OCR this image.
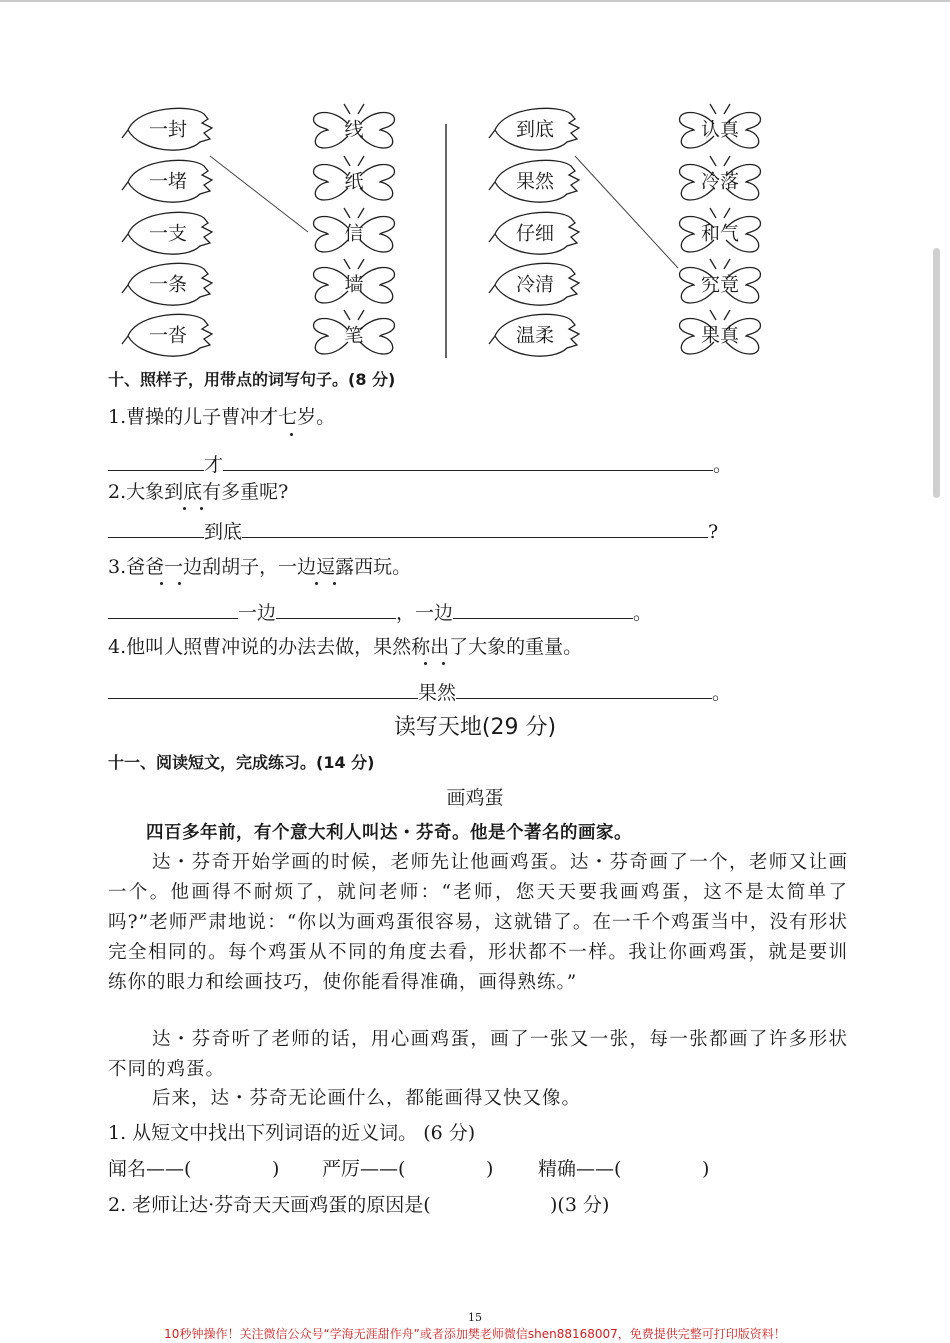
一封
一堵
一支
一条
一沓
线
纸
信
墙
笔
到底
果然
仔细
冷清
温柔
认真
冷落
和气
究竟
果真
十、照样子，用带点的词写句子。(8 分)
1.曹操的儿子曹冲才七岁。
才	。
2.大象到底有多重呢?
到底	?
3.爸爸一边刮胡子，一边逗露西玩。
一边	，一边	。
4.他叫人照曹冲说的办法去做，果然称出了大象的重量。
果然	。
读写天地(29 分)
十一、阅读短文，完成练习。(14 分)
画鸡蛋
四百多年前，有个意大利人叫达・芬奇。他是个著名的画家。
达・芬奇开始学画的时候，老师先让他画鸡蛋。达・芬奇画了一个，老师又让画一个。他画得不耐烦了，就问老师：“老师，您天天要我画鸡蛋，这不是太简单了吗?”老师严肃地说：“你以为画鸡蛋很容易，这就错了。在一千个鸡蛋当中，没有形状完全相同的。每个鸡蛋从不同的角度去看，形状都不一样。我让你画鸡蛋，就是要训练你的眼力和绘画技巧，使你能看得准确，画得熟练。”
达・芬奇听了老师的话，用心画鸡蛋，画了一张又一张，每一张都画了许多形状不同的鸡蛋。
后来，达・芬奇无论画什么，都能画得又快又像。
1. 从短文中找出下列词语的近义词。 (6 分)
闻名——(	) 严厉——(	) 精确——(	)
2. 老师让达·芬奇天天画鸡蛋的原因是(	)(3 分)
15
10秒钟操作！关注微信公众号“学海无涯甜作舟”或者添加樊老师微信shen88168007，免费提供完整可打印版资料！
